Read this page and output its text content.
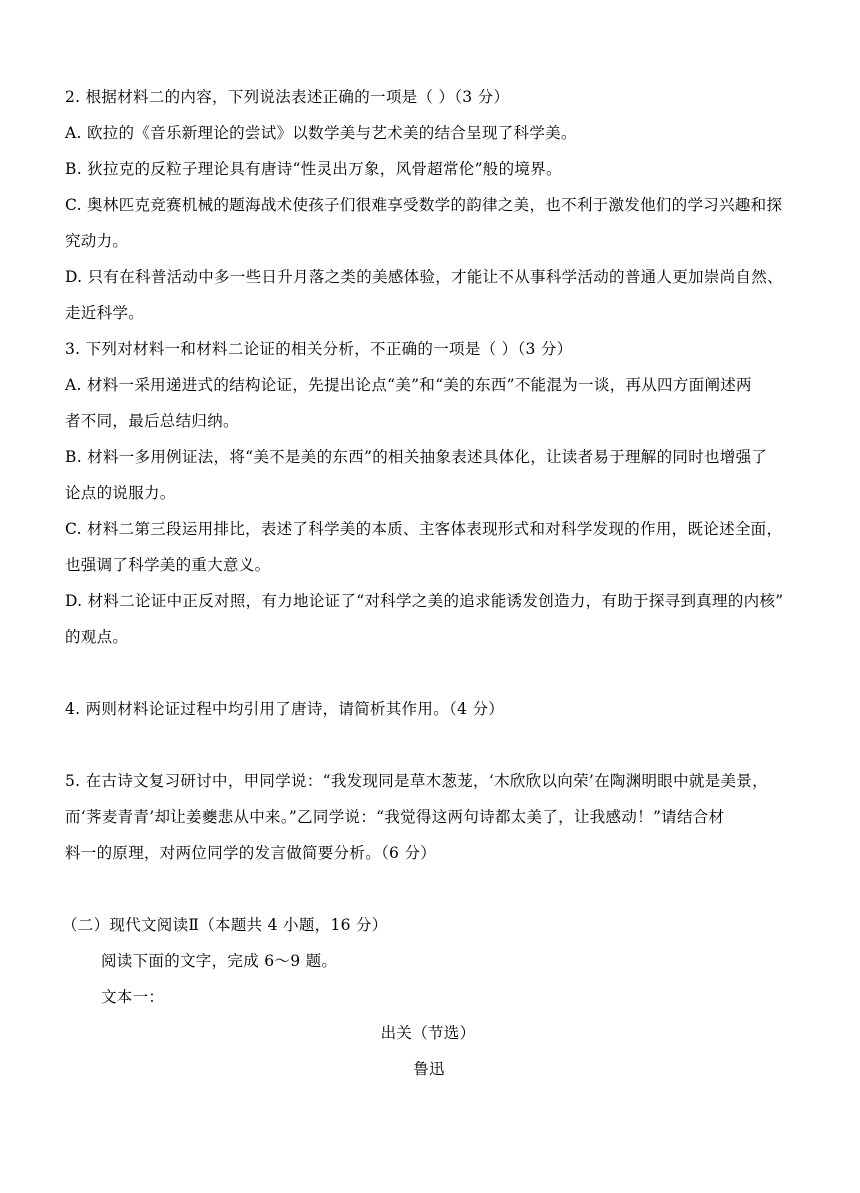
2. 根据材料二的内容，下列说法表述正确的一项是（ ）（3 分）
A. 欧拉的《音乐新理论的尝试》以数学美与艺术美的结合呈现了科学美。
B. 狄拉克的反粒子理论具有唐诗“性灵出万象，风骨超常伦”般的境界。
C. 奥林匹克竞赛机械的题海战术使孩子们很难享受数学的韵律之美，也不利于激发他们的学习兴趣和探
究动力。
D. 只有在科普活动中多一些日升月落之类的美感体验，才能让不从事科学活动的普通人更加崇尚自然、
走近科学。
3. 下列对材料一和材料二论证的相关分析，不正确的一项是（ ）（3 分）
A. 材料一采用递进式的结构论证，先提出论点“美”和“美的东西”不能混为一谈，再从四方面阐述两
者不同，最后总结归纳。
B. 材料一多用例证法，将“美不是美的东西”的相关抽象表述具体化，让读者易于理解的同时也增强了
论点的说服力。
C. 材料二第三段运用排比，表述了科学美的本质、主客体表现形式和对科学发现的作用，既论述全面，
也强调了科学美的重大意义。
D. 材料二论证中正反对照，有力地论证了“对科学之美的追求能诱发创造力，有助于探寻到真理的内核”
的观点。
4. 两则材料论证过程中均引用了唐诗，请简析其作用。（4 分）
5. 在古诗文复习研讨中，甲同学说：“我发现同是草木葱茏，‘木欣欣以向荣’在陶渊明眼中就是美景，
而‘荠麦青青’却让姜夔悲从中来。”乙同学说：“我觉得这两句诗都太美了，让我感动！”请结合材
料一的原理，对两位同学的发言做简要分析。（6 分）
（二）现代文阅读Ⅱ（本题共 4 小题，16 分）
阅读下面的文字，完成 6～9 题。
文本一：
出关（节选）
鲁迅
